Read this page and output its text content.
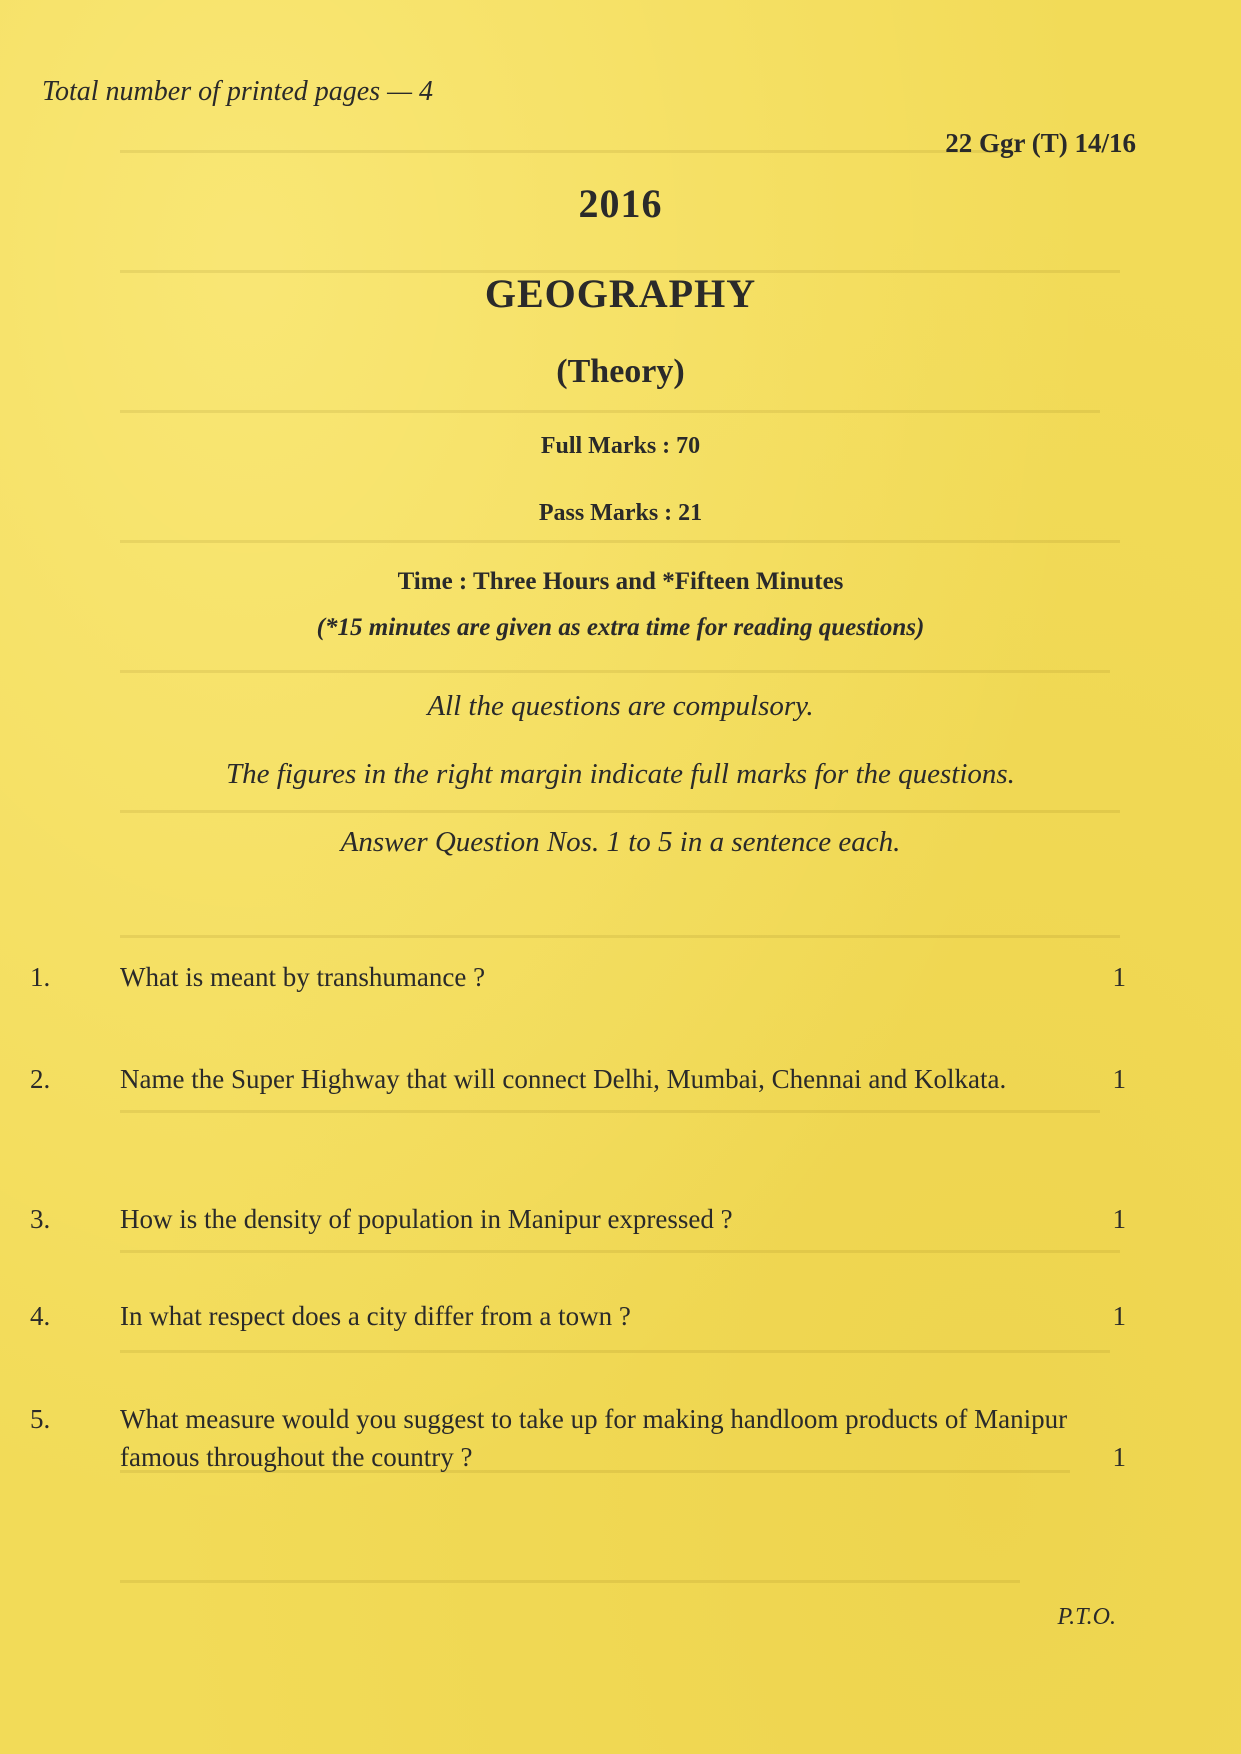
Total number of printed pages — 4
22 Ggr (T) 14/16
2016
GEOGRAPHY
(Theory)
Full Marks : 70
Pass Marks : 21
Time : Three Hours and *Fifteen Minutes
(*15 minutes are given as extra time for reading questions)
All the questions are compulsory.
The figures in the right margin indicate full marks for the questions.
Answer Question Nos. 1 to 5 in a sentence each.
1.	What is meant by transhumance ?	1
2.	Name the Super Highway that will connect Delhi, Mumbai, Chennai and Kolkata.	1
3.	How is the density of population in Manipur expressed ?	1
4.	In what respect does a city differ from a town ?	1
5.	What measure would you suggest to take up for making handloom products of Manipur famous throughout the country ?	1
P.T.O.
